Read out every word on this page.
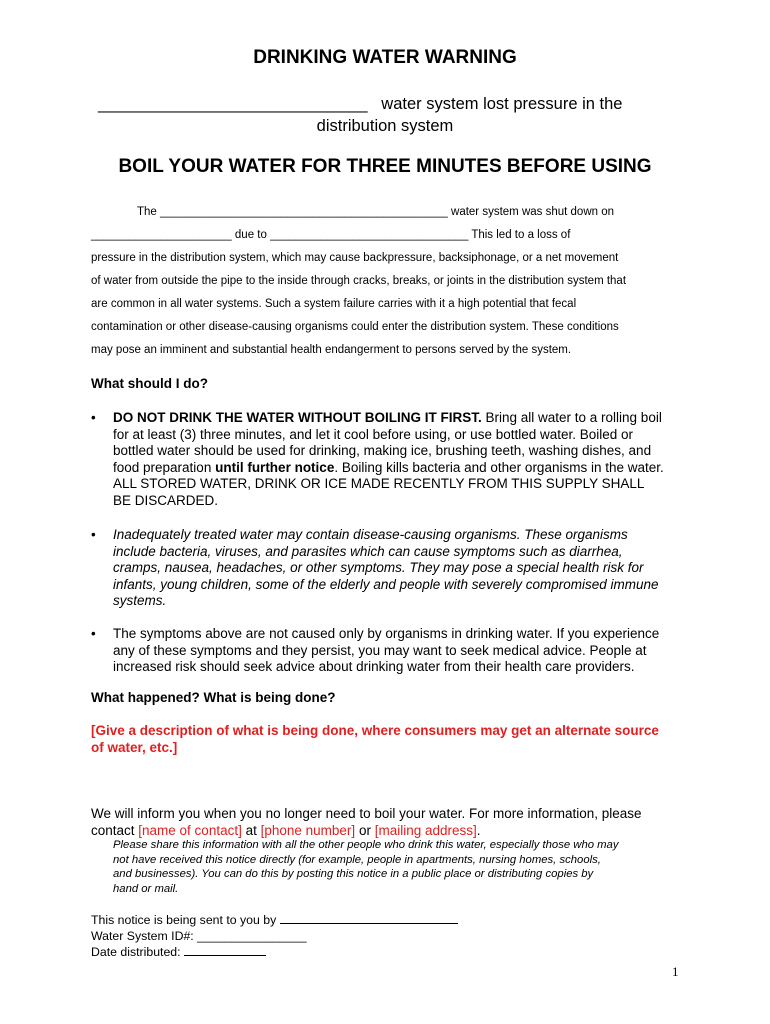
DRINKING WATER WARNING
______________________________ water system lost pressure in the
distribution system
BOIL YOUR WATER FOR THREE MINUTES BEFORE USING
The _____________________________________________ water system was shut down on
______________________ due to _______________________________ This led to a loss of
pressure in the distribution system, which may cause backpressure, backsiphonage, or a net movement
of water from outside the pipe to the inside through cracks, breaks, or joints in the distribution system that
are common in all water systems. Such a system failure carries with it a high potential that fecal
contamination or other disease-causing organisms could enter the distribution system. These conditions
may pose an imminent and substantial health endangerment to persons served by the system.
What should I do?
• DO NOT DRINK THE WATER WITHOUT BOILING IT FIRST. Bring all water to a rolling boil
for at least (3) three minutes, and let it cool before using, or use bottled water. Boiled or
bottled water should be used for drinking, making ice, brushing teeth, washing dishes, and
food preparation until further notice. Boiling kills bacteria and other organisms in the water.
ALL STORED WATER, DRINK OR ICE MADE RECENTLY FROM THIS SUPPLY SHALL
BE DISCARDED.
• Inadequately treated water may contain disease-causing organisms. These organisms
include bacteria, viruses, and parasites which can cause symptoms such as diarrhea,
cramps, nausea, headaches, or other symptoms. They may pose a special health risk for
infants, young children, some of the elderly and people with severely compromised immune
systems.
• The symptoms above are not caused only by organisms in drinking water. If you experience
any of these symptoms and they persist, you may want to seek medical advice. People at
increased risk should seek advice about drinking water from their health care providers.
What happened? What is being done?
[Give a description of what is being done, where consumers may get an alternate source
of water, etc.]
We will inform you when you no longer need to boil your water. For more information, please
contact [name of contact] at [phone number] or [mailing address].
Please share this information with all the other people who drink this water, especially those who may
not have received this notice directly (for example, people in apartments, nursing homes, schools,
and businesses). You can do this by posting this notice in a public place or distributing copies by
hand or mail.
This notice is being sent to you by
Water System ID#: ________________
Date distributed:
1
